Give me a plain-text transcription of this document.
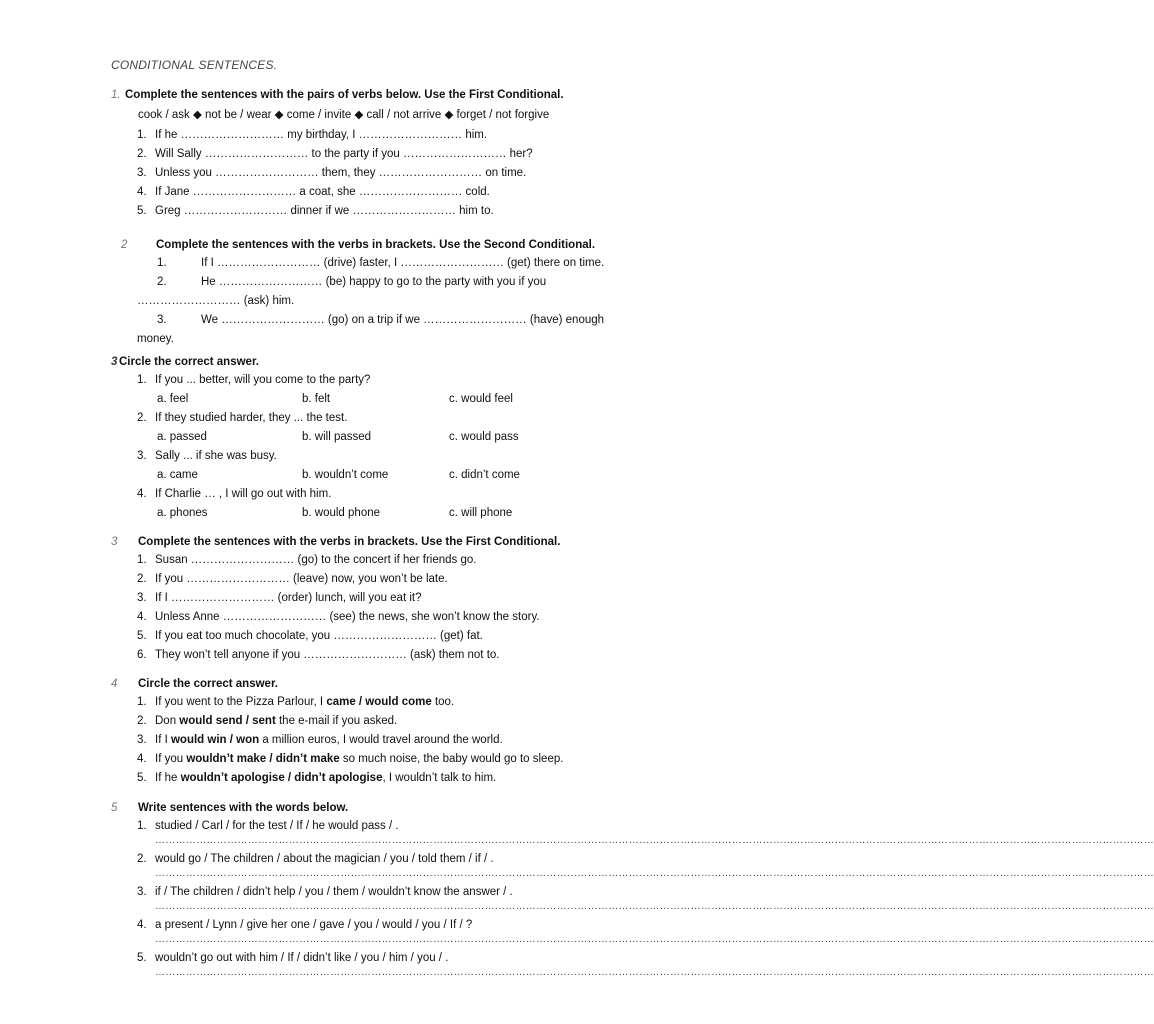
CONDITIONAL SENTENCES.
1. Complete the sentences with the pairs of verbs below. Use the First Conditional.
cook / ask ◆ not be / wear ◆ come / invite ◆ call / not arrive ◆ forget / not forgive
1. If he ……………………… my birthday, I ……………………… him.
2. Will Sally ……………………… to the party if you ……………………… her?
3. Unless you ……………………… them, they ……………………… on time.
4. If Jane ……………………… a coat, she ……………………… cold.
5. Greg ……………………… dinner if we ……………………… him to.
2 Complete the sentences with the verbs in brackets. Use the Second Conditional.
1.	If I ……………………… (drive) faster, I ……………………… (get) there on time.
2.	He ……………………… (be) happy to go to the party with you if you
……………………… (ask) him.
3.	We ……………………… (go) on a trip if we ……………………… (have) enough
money.
3 Circle the correct answer.
1. If you ... better, will you come to the party?
a. feel	b. felt	c. would feel
2. If they studied harder, they ... the test.
a. passed	b. will passed	c. would pass
3. Sally ... if she was busy.
a. came	b. wouldn’t come	c. didn’t come
4. If Charlie … , I will go out with him.
a. phones	b. would phone	c. will phone
3 Complete the sentences with the verbs in brackets. Use the First Conditional.
1. Susan ……………………… (go) to the concert if her friends go.
2. If you ……………………… (leave) now, you won’t be late.
3. If I ……………………… (order) lunch, will you eat it?
4. Unless Anne ……………………… (see) the news, she won’t know the story.
5. If you eat too much chocolate, you ……………………… (get) fat.
6. They won’t tell anyone if you ……………………… (ask) them not to.
4 Circle the correct answer.
1. If you went to the Pizza Parlour, I came / would come too.
2. Don would send / sent the e-mail if you asked.
3. If I would win / won a million euros, I would travel around the world.
4. If you wouldn’t make / didn’t make so much noise, the baby would go to sleep.
5. If he wouldn’t apologise / didn’t apologise, I wouldn’t talk to him.
5 Write sentences with the words below.
1. studied / Carl / for the test / If / he would pass / .
…………………………………………………………………………………………………………………………………………………………………………………………………………………………………………………………………
2. would go / The children / about the magician / you / told them / if / .
…………………………………………………………………………………………………………………………………………………………………………………………………………………………………………………………………
3. if / The children / didn’t help / you / them / wouldn’t know the answer / .
…………………………………………………………………………………………………………………………………………………………………………………………………………………………………………………………………
4. a present / Lynn / give her one / gave / you / would / you / If / ?
…………………………………………………………………………………………………………………………………………………………………………………………………………………………………………………………………
5. wouldn’t go out with him / If / didn’t like / you / him / you / .
…………………………………………………………………………………………………………………………………………………………………………………………………………………………………………………………………
